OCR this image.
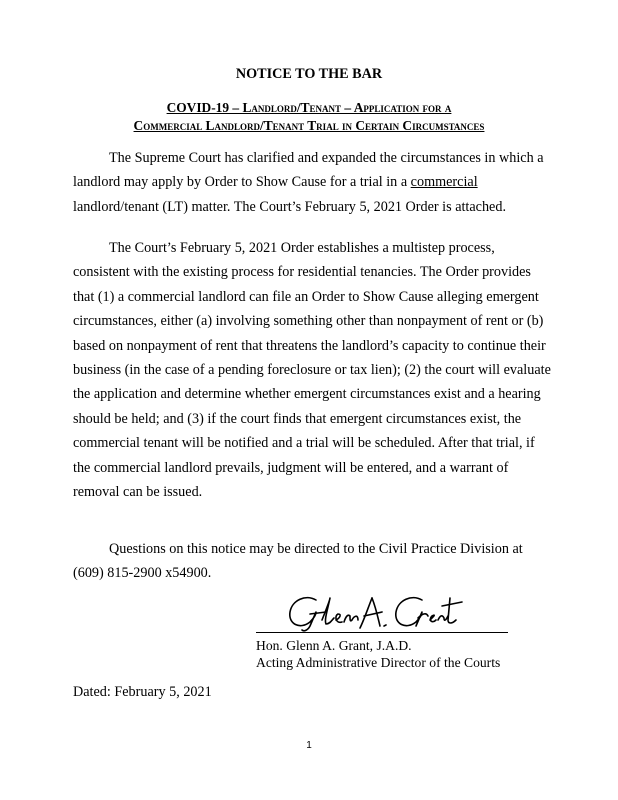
NOTICE TO THE BAR
COVID-19 – Landlord/Tenant – Application for a
Commercial Landlord/Tenant Trial in Certain Circumstances

The Supreme Court has clarified and expanded the circumstances in which a landlord may apply by Order to Show Cause for a trial in a commercial landlord/tenant (LT) matter. The Court’s February 5, 2021 Order is attached.

The Court’s February 5, 2021 Order establishes a multistep process, consistent with the existing process for residential tenancies. The Order provides that (1) a commercial landlord can file an Order to Show Cause alleging emergent circumstances, either (a) involving something other than nonpayment of rent or (b) based on nonpayment of rent that threatens the landlord’s capacity to continue their business (in the case of a pending foreclosure or tax lien); (2) the court will evaluate the application and determine whether emergent circumstances exist and a hearing should be held; and (3) if the court finds that emergent circumstances exist, the commercial tenant will be notified and a trial will be scheduled. After that trial, if the commercial landlord prevails, judgment will be entered, and a warrant of removal can be issued.

Questions on this notice may be directed to the Civil Practice Division at (609) 815-2900 x54900.

Hon. Glenn A. Grant, J.A.D.
Acting Administrative Director of the Courts

Dated: February 5, 2021

1
